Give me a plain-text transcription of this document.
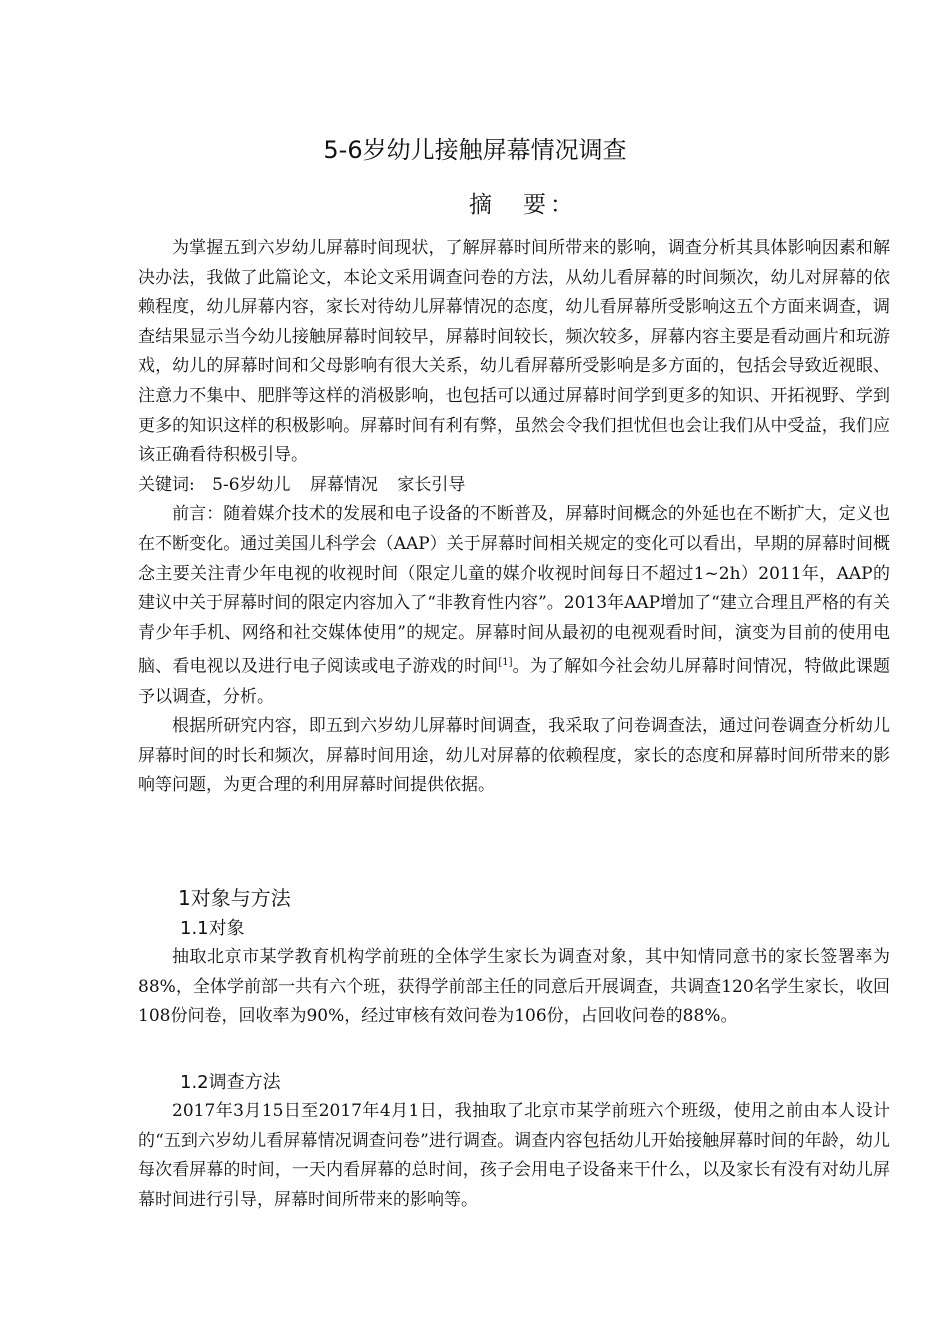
5-6岁幼儿接触屏幕情况调查
摘　要：

为掌握五到六岁幼儿屏幕时间现状，了解屏幕时间所带来的影响，调查分析其具体影响因素和解决办法，我做了此篇论文，本论文采用调查问卷的方法，从幼儿看屏幕的时间频次，幼儿对屏幕的依赖程度，幼儿屏幕内容，家长对待幼儿屏幕情况的态度，幼儿看屏幕所受影响这五个方面来调查，调查结果显示当今幼儿接触屏幕时间较早，屏幕时间较长，频次较多，屏幕内容主要是看动画片和玩游戏，幼儿的屏幕时间和父母影响有很大关系，幼儿看屏幕所受影响是多方面的，包括会导致近视眼、注意力不集中、肥胖等这样的消极影响，也包括可以通过屏幕时间学到更多的知识、开拓视野、学到更多的知识这样的积极影响。屏幕时间有利有弊，虽然会令我们担忧但也会让我们从中受益，我们应该正确看待积极引导。

关键词: 5-6岁幼儿 屏幕情况 家长引导

前言：随着媒介技术的发展和电子设备的不断普及，屏幕时间概念的外延也在不断扩大，定义也在不断变化。通过美国儿科学会（AAP）关于屏幕时间相关规定的变化可以看出，早期的屏幕时间概念主要关注青少年电视的收视时间（限定儿童的媒介收视时间每日不超过1~2h）2011年，AAP的建议中关于屏幕时间的限定内容加入了“非教育性内容”。2013年AAP增加了“建立合理且严格的有关青少年手机、网络和社交媒体使用”的规定。屏幕时间从最初的电视观看时间，演变为目前的使用电脑、看电视以及进行电子阅读或电子游戏的时间[1]。为了解如今社会幼儿屏幕时间情况，特做此课题予以调查，分析。

根据所研究内容，即五到六岁幼儿屏幕时间调查，我采取了问卷调查法，通过问卷调查分析幼儿屏幕时间的时长和频次，屏幕时间用途，幼儿对屏幕的依赖程度，家长的态度和屏幕时间所带来的影响等问题，为更合理的利用屏幕时间提供依据。

1对象与方法
1.1对象

抽取北京市某学教育机构学前班的全体学生家长为调查对象，其中知情同意书的家长签署率为88%，全体学前部一共有六个班，获得学前部主任的同意后开展调查，共调查120名学生家长，收回108份问卷，回收率为90%，经过审核有效问卷为106份，占回收问卷的88%。

1.2调查方法

2017年3月15日至2017年4月1日，我抽取了北京市某学前班六个班级，使用之前由本人设计的“五到六岁幼儿看屏幕情况调查问卷”进行调查。调查内容包括幼儿开始接触屏幕时间的年龄，幼儿每次看屏幕的时间，一天内看屏幕的总时间，孩子会用电子设备来干什么，以及家长有没有对幼儿屏幕时间进行引导，屏幕时间所带来的影响等。
